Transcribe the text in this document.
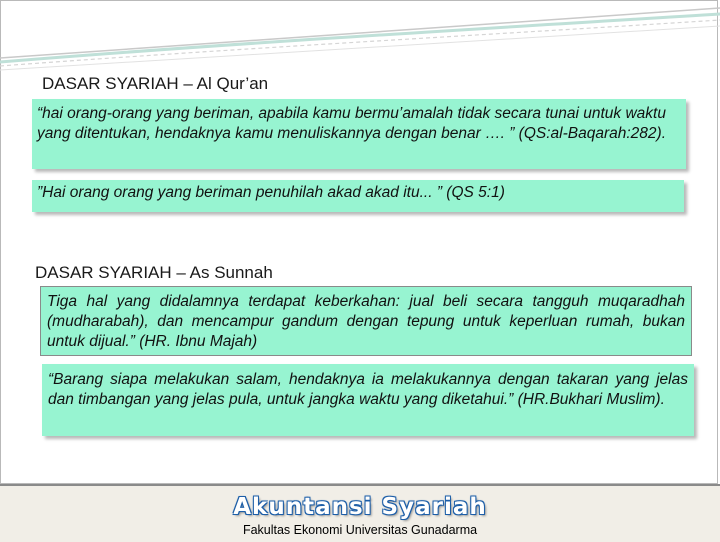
DASAR SYARIAH – Al Qur’an
“hai orang-orang yang beriman, apabila kamu bermu’amalah tidak secara tunai untuk waktu yang ditentukan, hendaknya kamu menuliskannya dengan benar …. ” (QS:al-Baqarah:282).
”Hai orang orang yang beriman penuhilah akad akad itu... ” (QS 5:1)
DASAR SYARIAH – As Sunnah
Tiga hal yang didalamnya terdapat keberkahan: jual beli secara tangguh muqaradhah (mudharabah), dan mencampur gandum dengan tepung untuk keperluan rumah, bukan untuk dijual.” (HR. Ibnu Majah)
“Barang siapa melakukan salam, hendaknya ia melakukannya dengan takaran yang jelas dan timbangan yang jelas pula, untuk jangka waktu yang diketahui.” (HR.Bukhari Muslim).
Akuntansi Syariah
Fakultas Ekonomi Universitas Gunadarma
